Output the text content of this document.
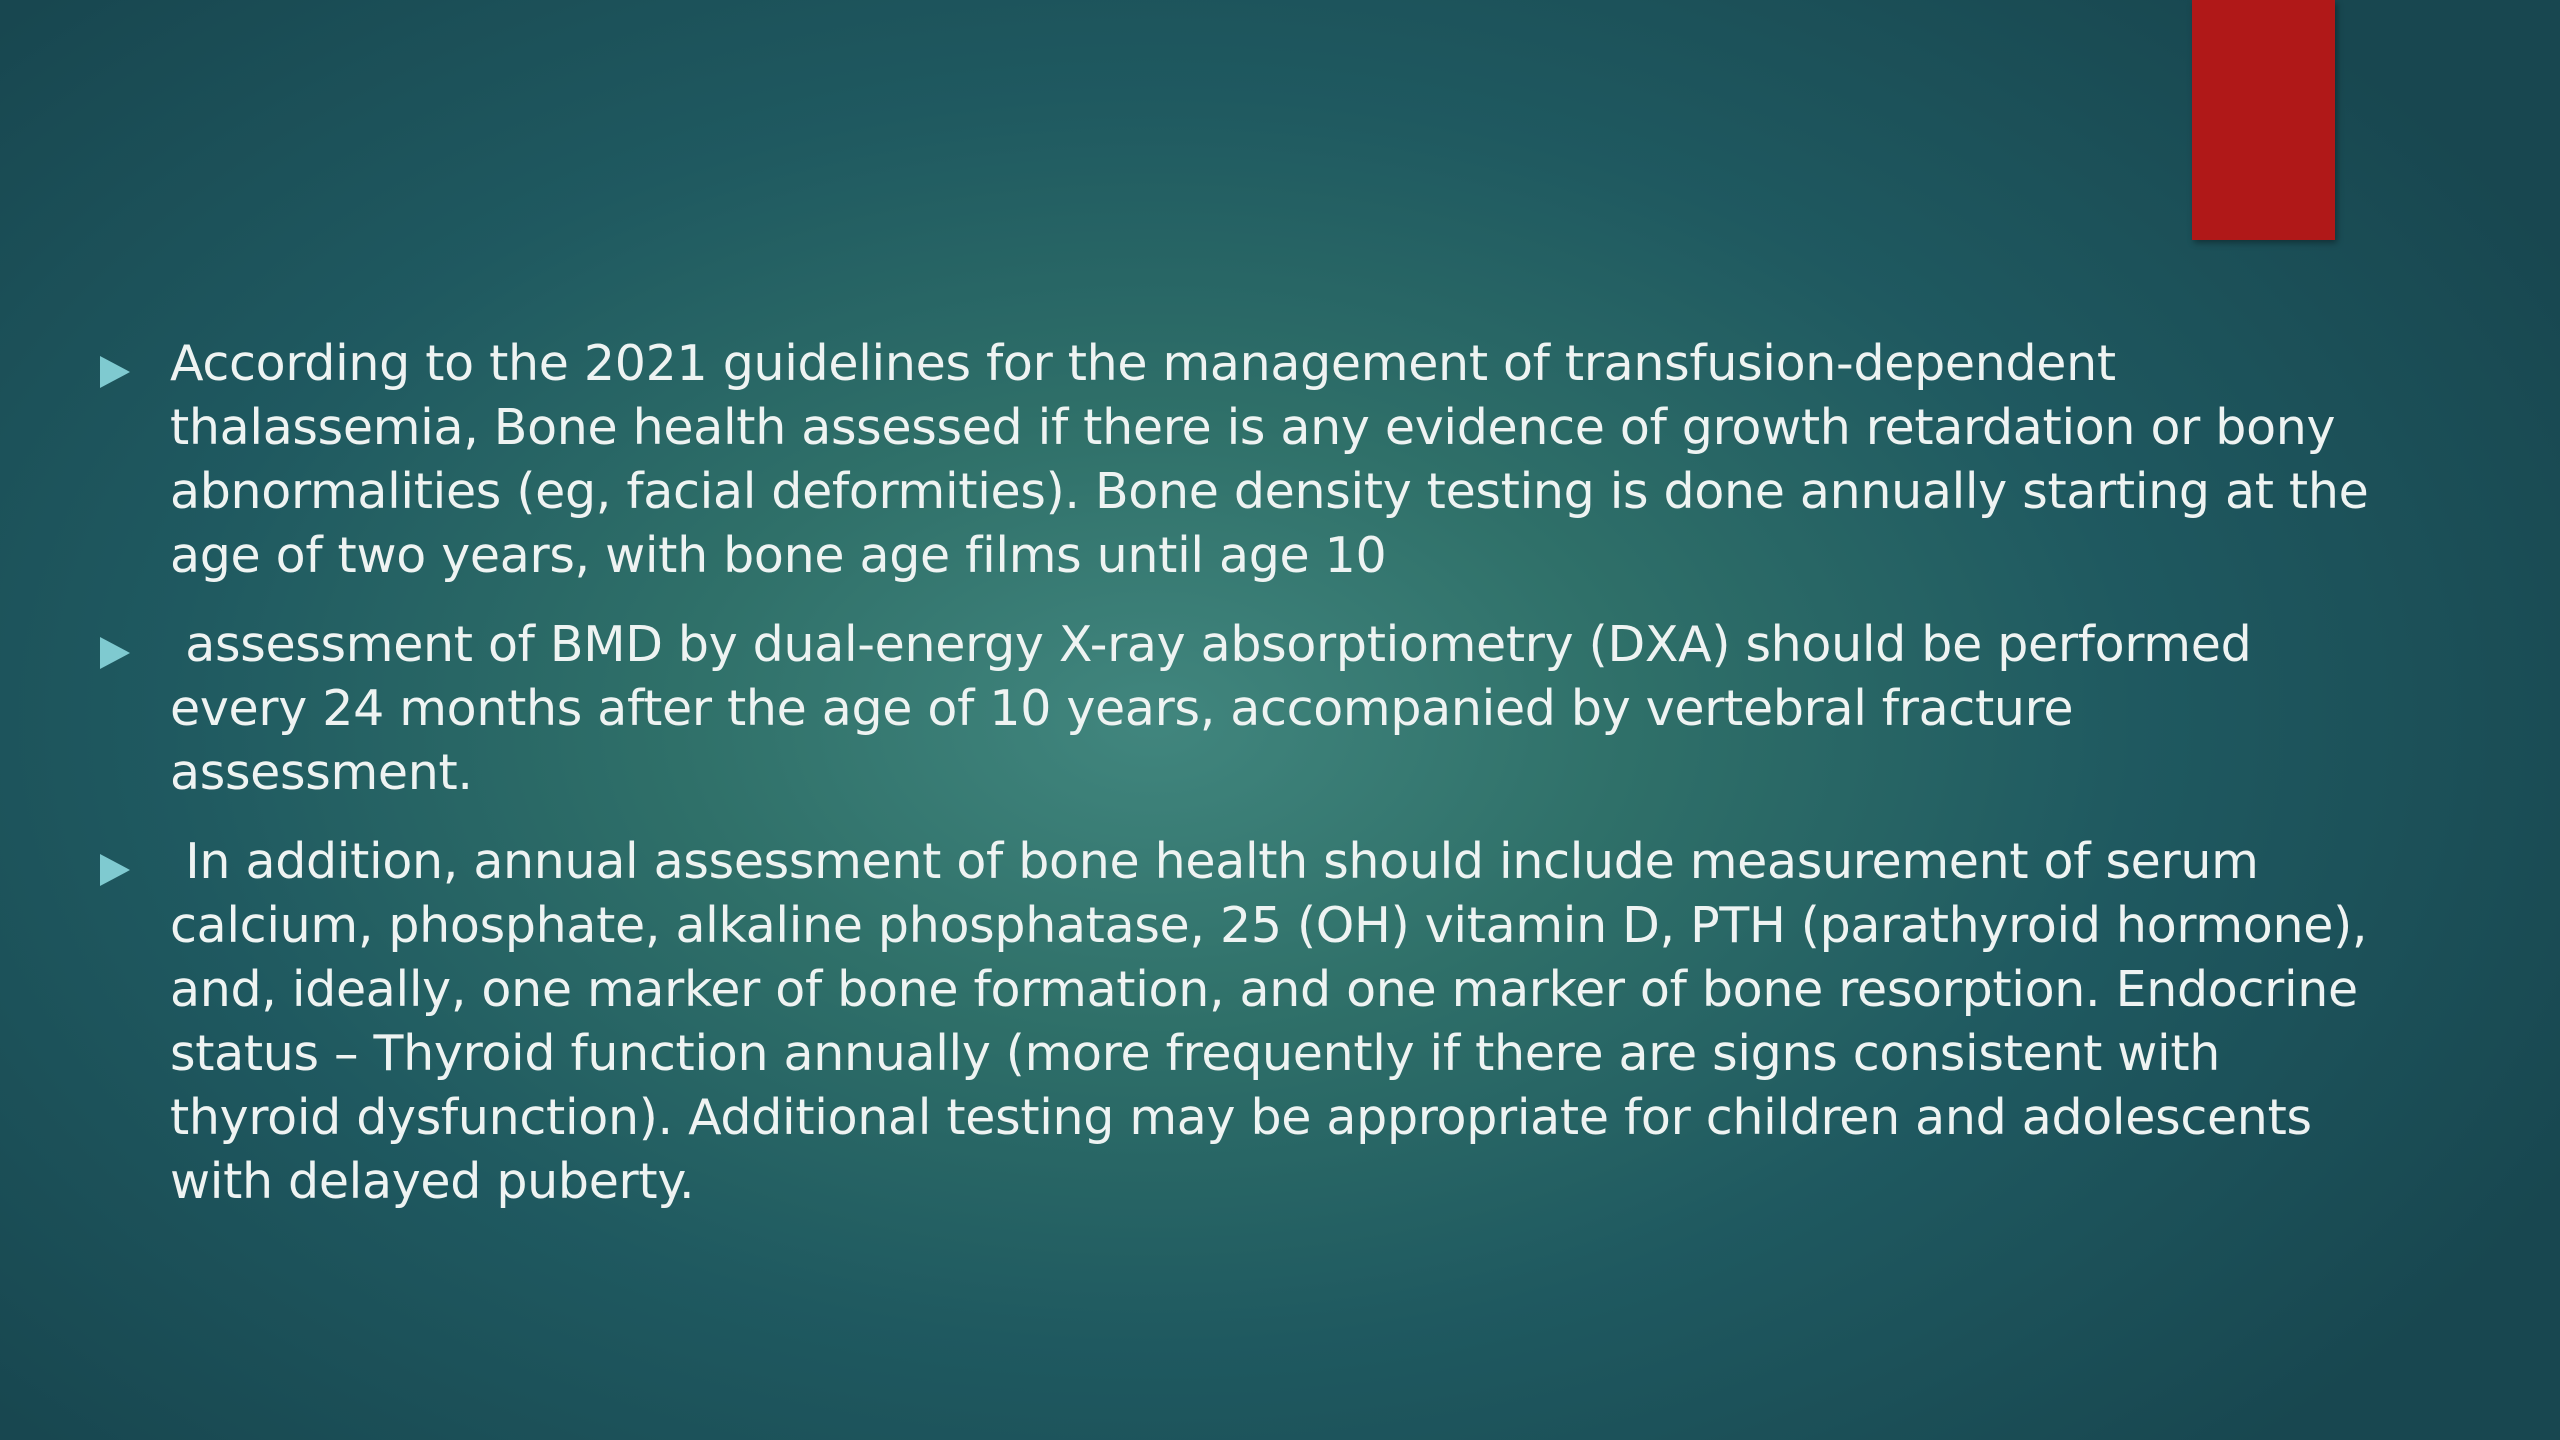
According to the 2021 guidelines for the management of transfusion-dependent thalassemia, Bone health assessed if there is any evidence of growth retardation or bony abnormalities (eg, facial deformities). Bone density testing is done annually starting at the age of two years, with bone age films until age 10
assessment of BMD by dual-energy X-ray absorptiometry (DXA) should be performed every 24 months after the age of 10 years, accompanied by vertebral fracture assessment.
In addition, annual assessment of bone health should include measurement of serum calcium, phosphate, alkaline phosphatase, 25 (OH) vitamin D, PTH (parathyroid hormone), and, ideally, one marker of bone formation, and one marker of bone resorption. Endocrine status – Thyroid function annually (more frequently if there are signs consistent with thyroid dysfunction). Additional testing may be appropriate for children and adolescents with delayed puberty.
